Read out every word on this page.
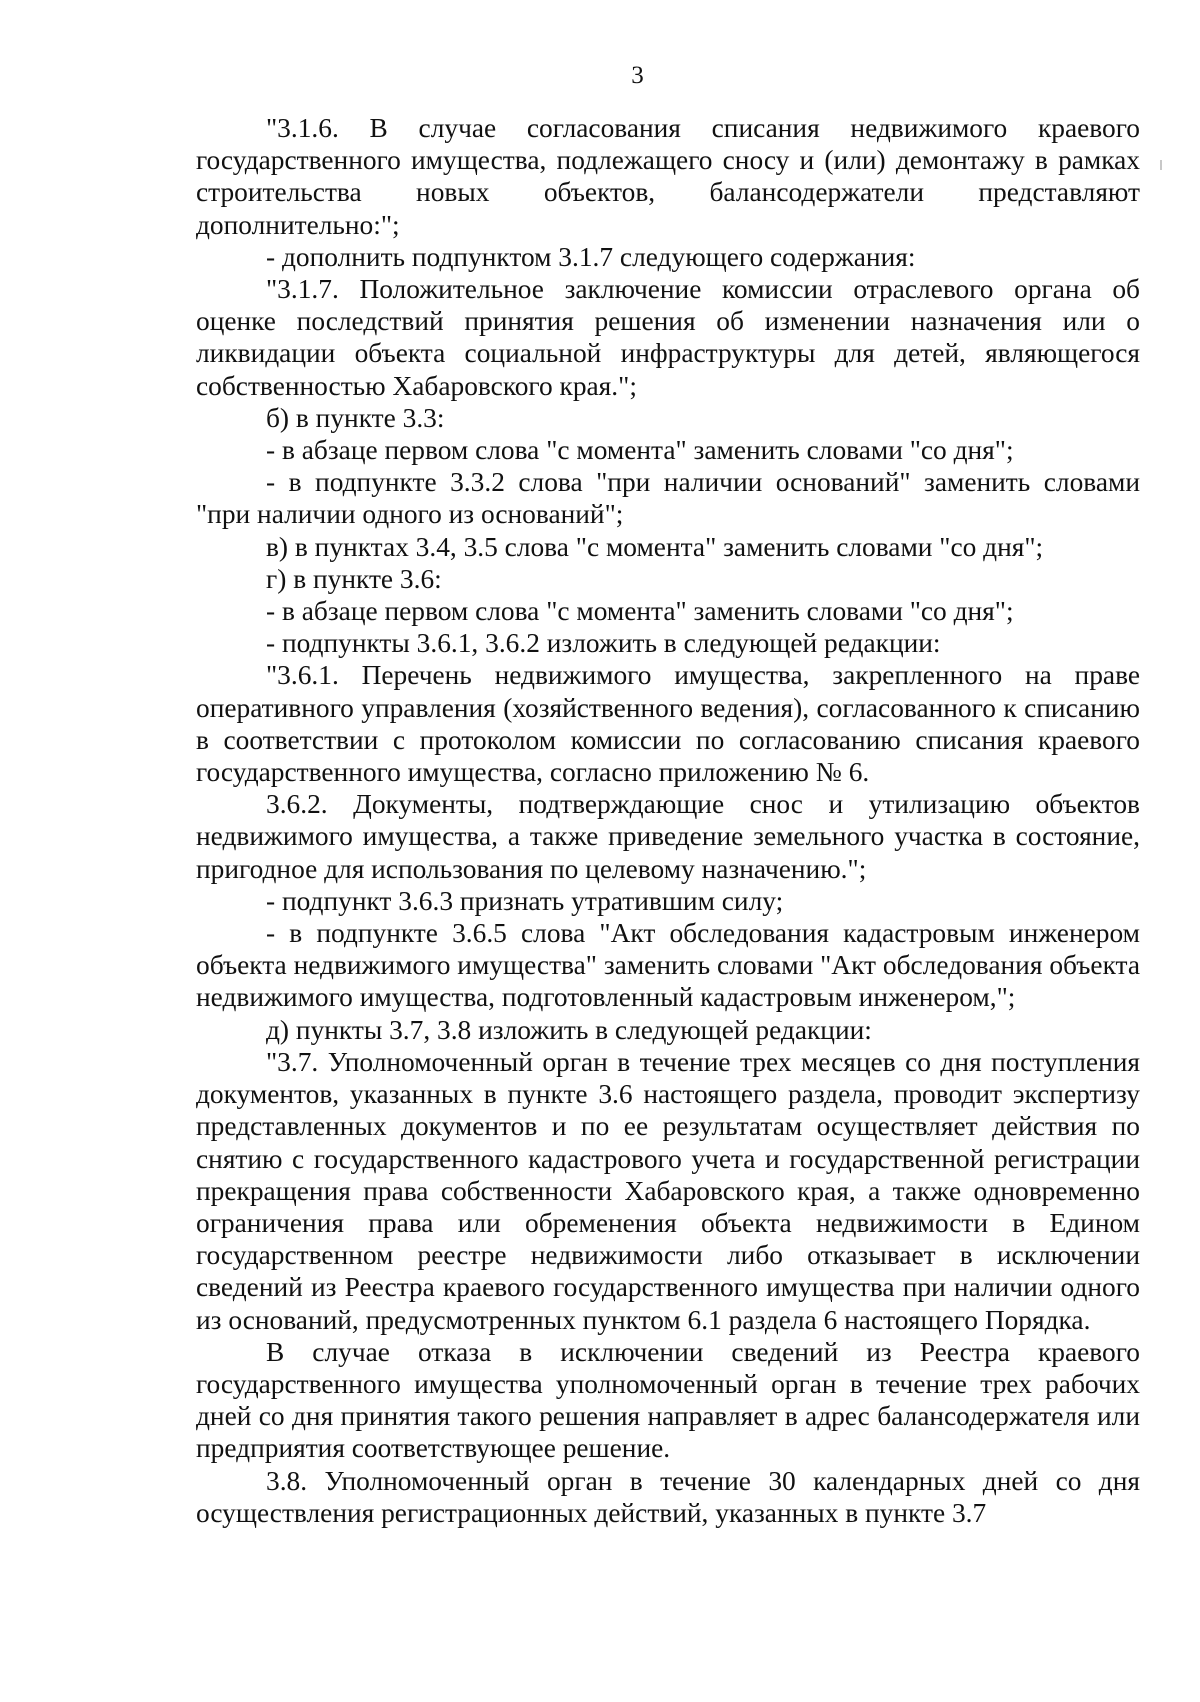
3

"3.1.6. В случае согласования списания недвижимого краевого государственного имущества, подлежащего сносу и (или) демонтажу в рамках строительства новых объектов, балансодержатели представляют дополнительно:";

- дополнить подпунктом 3.1.7 следующего содержания:

"3.1.7. Положительное заключение комиссии отраслевого органа об оценке последствий принятия решения об изменении назначения или о ликвидации объекта социальной инфраструктуры для детей, являющегося собственностью Хабаровского края.";

б) в пункте 3.3:

- в абзаце первом слова "с момента" заменить словами "со дня";

- в подпункте 3.3.2 слова "при наличии оснований" заменить словами "при наличии одного из оснований";

в) в пунктах 3.4, 3.5 слова "с момента" заменить словами "со дня";

г) в пункте 3.6:

- в абзаце первом слова "с момента" заменить словами "со дня";

- подпункты 3.6.1, 3.6.2 изложить в следующей редакции:

"3.6.1. Перечень недвижимого имущества, закрепленного на праве оперативного управления (хозяйственного ведения), согласованного к списанию в соответствии с протоколом комиссии по согласованию списания краевого государственного имущества, согласно приложению № 6.

3.6.2. Документы, подтверждающие снос и утилизацию объектов недвижимого имущества, а также приведение земельного участка в состояние, пригодное для использования по целевому назначению.";

- подпункт 3.6.3 признать утратившим силу;

- в подпункте 3.6.5 слова "Акт обследования кадастровым инженером объекта недвижимого имущества" заменить словами "Акт обследования объекта недвижимого имущества, подготовленный кадастровым инженером,";

д) пункты 3.7, 3.8 изложить в следующей редакции:

"3.7. Уполномоченный орган в течение трех месяцев со дня поступления документов, указанных в пункте 3.6 настоящего раздела, проводит экспертизу представленных документов и по ее результатам осуществляет действия по снятию с государственного кадастрового учета и государственной регистрации прекращения права собственности Хабаровского края, а также одновременно ограничения права или обременения объекта недвижимости в Едином государственном реестре недвижимости либо отказывает в исключении сведений из Реестра краевого государственного имущества при наличии одного из оснований, предусмотренных пунктом 6.1 раздела 6 настоящего Порядка.

В случае отказа в исключении сведений из Реестра краевого государственного имущества уполномоченный орган в течение трех рабочих дней со дня принятия такого решения направляет в адрес балансодержателя или предприятия соответствующее решение.

3.8. Уполномоченный орган в течение 30 календарных дней со дня осуществления регистрационных действий, указанных в пункте 3.7
